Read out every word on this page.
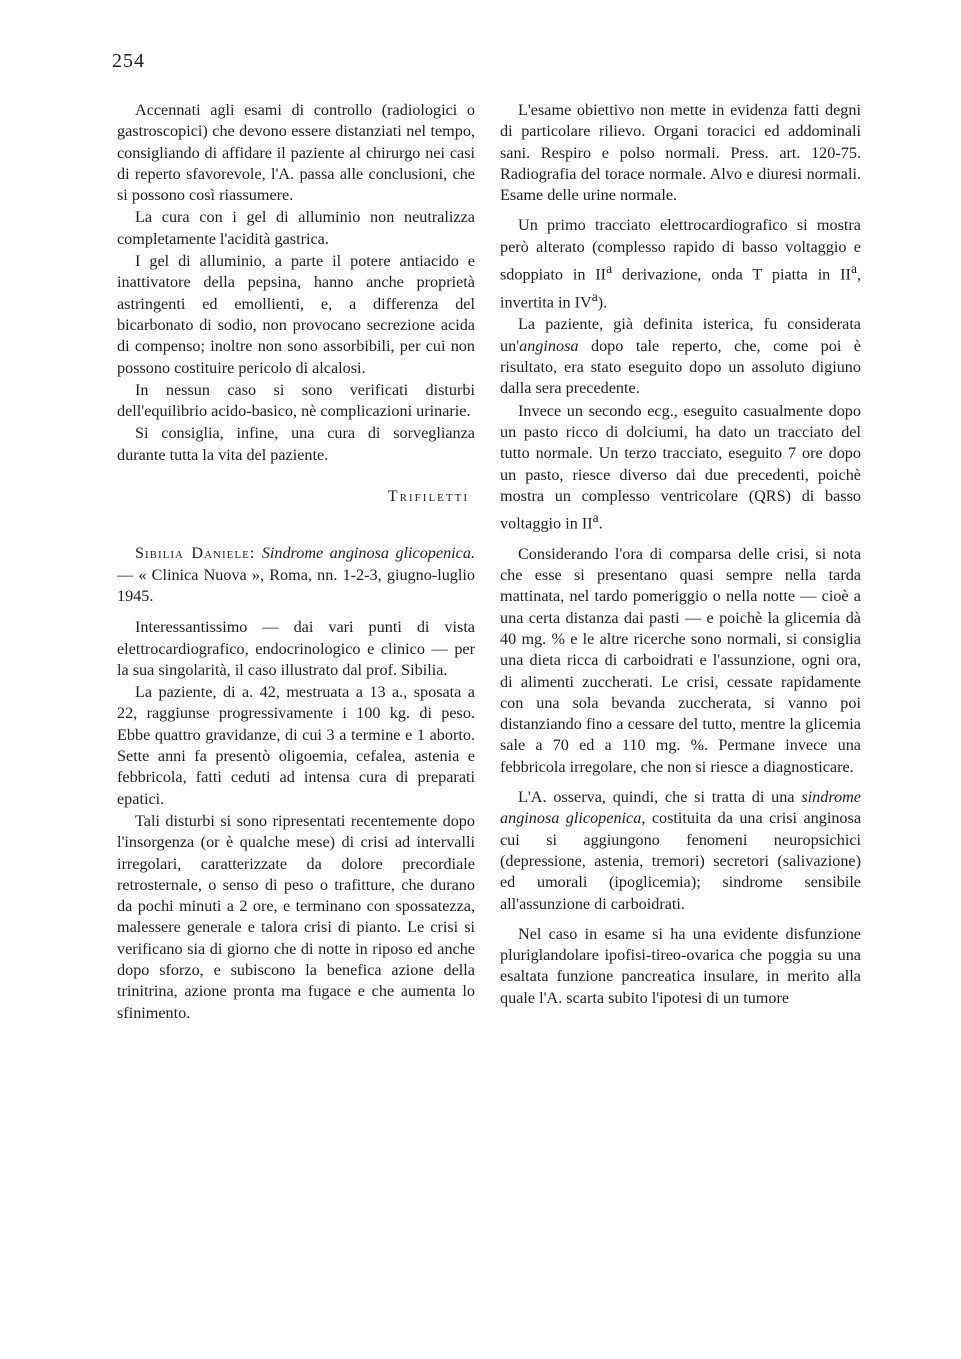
254

Accennati agli esami di controllo (radiologici o gastroscopici) che devono essere distanziati nel tempo, consigliando di affidare il paziente al chirurgo nei casi di reperto sfavorevole, l'A. passa alle conclusioni, che si possono così riassumere.

La cura con i gel di alluminio non neutralizza completamente l'acidità gastrica.

I gel di alluminio, a parte il potere antiacido e inattivatore della pepsina, hanno anche proprietà astringenti ed emollienti, e, a differenza del bicarbonato di sodio, non provocano secrezione acida di compenso; inoltre non sono assorbibili, per cui non possono costituire pericolo di alcalosi.

In nessun caso si sono verificati disturbi dell'equilibrio acido-basico, nè complicazioni urinarie.

Si consiglia, infine, una cura di sorveglianza durante tutta la vita del paziente.

Trifiletti

Sibilia Daniele: Sindrome anginosa glicopenica. — « Clinica Nuova », Roma, nn. 1-2-3, giugno-luglio 1945.

Interessantissimo — dai vari punti di vista elettrocardiografico, endocrinologico e clinico — per la sua singolarità, il caso illustrato dal prof. Sibilia.

La paziente, di a. 42, mestruata a 13 a., sposata a 22, raggiunse progressivamente i 100 kg. di peso. Ebbe quattro gravidanze, di cui 3 a termine e 1 aborto. Sette anni fa presentò oligoemia, cefalea, astenia e febbricola, fatti ceduti ad intensa cura di preparati epatici.

Tali disturbi si sono ripresentati recentemente dopo l'insorgenza (or è qualche mese) di crisi ad intervalli irregolari, caratterizzate da dolore precordiale retrosternale, o senso di peso o trafitture, che durano da pochi minuti a 2 ore, e terminano con spossatezza, malessere generale e talora crisi di pianto. Le crisi si verificano sia di giorno che di notte in riposo ed anche dopo sforzo, e subiscono la benefica azione della trinitrina, azione pronta ma fugace e che aumenta lo sfinimento.

L'esame obiettivo non mette in evidenza fatti degni di particolare rilievo. Organi toracici ed addominali sani. Respiro e polso normali. Press. art. 120-75. Radiografia del torace normale. Alvo e diuresi normali. Esame delle urine normale.

Un primo tracciato elettrocardiografico si mostra però alterato (complesso rapido di basso voltaggio e sdoppiato in $II^a$ derivazione, onda T piatta in $II^a$, invertita in $IV^a$).

La paziente, già definita isterica, fu considerata un'anginosa dopo tale reperto, che, come poi è risultato, era stato eseguito dopo un assoluto digiuno dalla sera precedente.

Invece un secondo ecg., eseguito casualmente dopo un pasto ricco di dolciumi, ha dato un tracciato del tutto normale. Un terzo tracciato, eseguito 7 ore dopo un pasto, riesce diverso dai due precedenti, poichè mostra un complesso ventricolare (QRS) di basso voltaggio in $II^a$.

Considerando l'ora di comparsa delle crisi, si nota che esse si presentano quasi sempre nella tarda mattinata, nel tardo pomeriggio o nella notte — cioè a una certa distanza dai pasti — e poichè la glicemia dà 40 mg. % e le altre ricerche sono normali, si consiglia una dieta ricca di carboidrati e l'assunzione, ogni ora, di alimenti zuccherati. Le crisi, cessate rapidamente con una sola bevanda zuccherata, si vanno poi distanziando fino a cessare del tutto, mentre la glicemia sale a 70 ed a 110 mg. %. Permane invece una febbricola irregolare, che non si riesce a diagnosticare.

L'A. osserva, quindi, che si tratta di una sindrome anginosa glicopenica, costituita da una crisi anginosa cui si aggiungono fenomeni neuropsichici (depressione, astenia, tremori) secretori (salivazione) ed umorali (ipoglicemia); sindrome sensibile all'assunzione di carboidrati.

Nel caso in esame si ha una evidente disfunzione pluriglandolare ipofisi-tireo-ovarica che poggia su una esaltata funzione pancreatica insulare, in merito alla quale l'A. scarta subito l'ipotesi di un tumore
